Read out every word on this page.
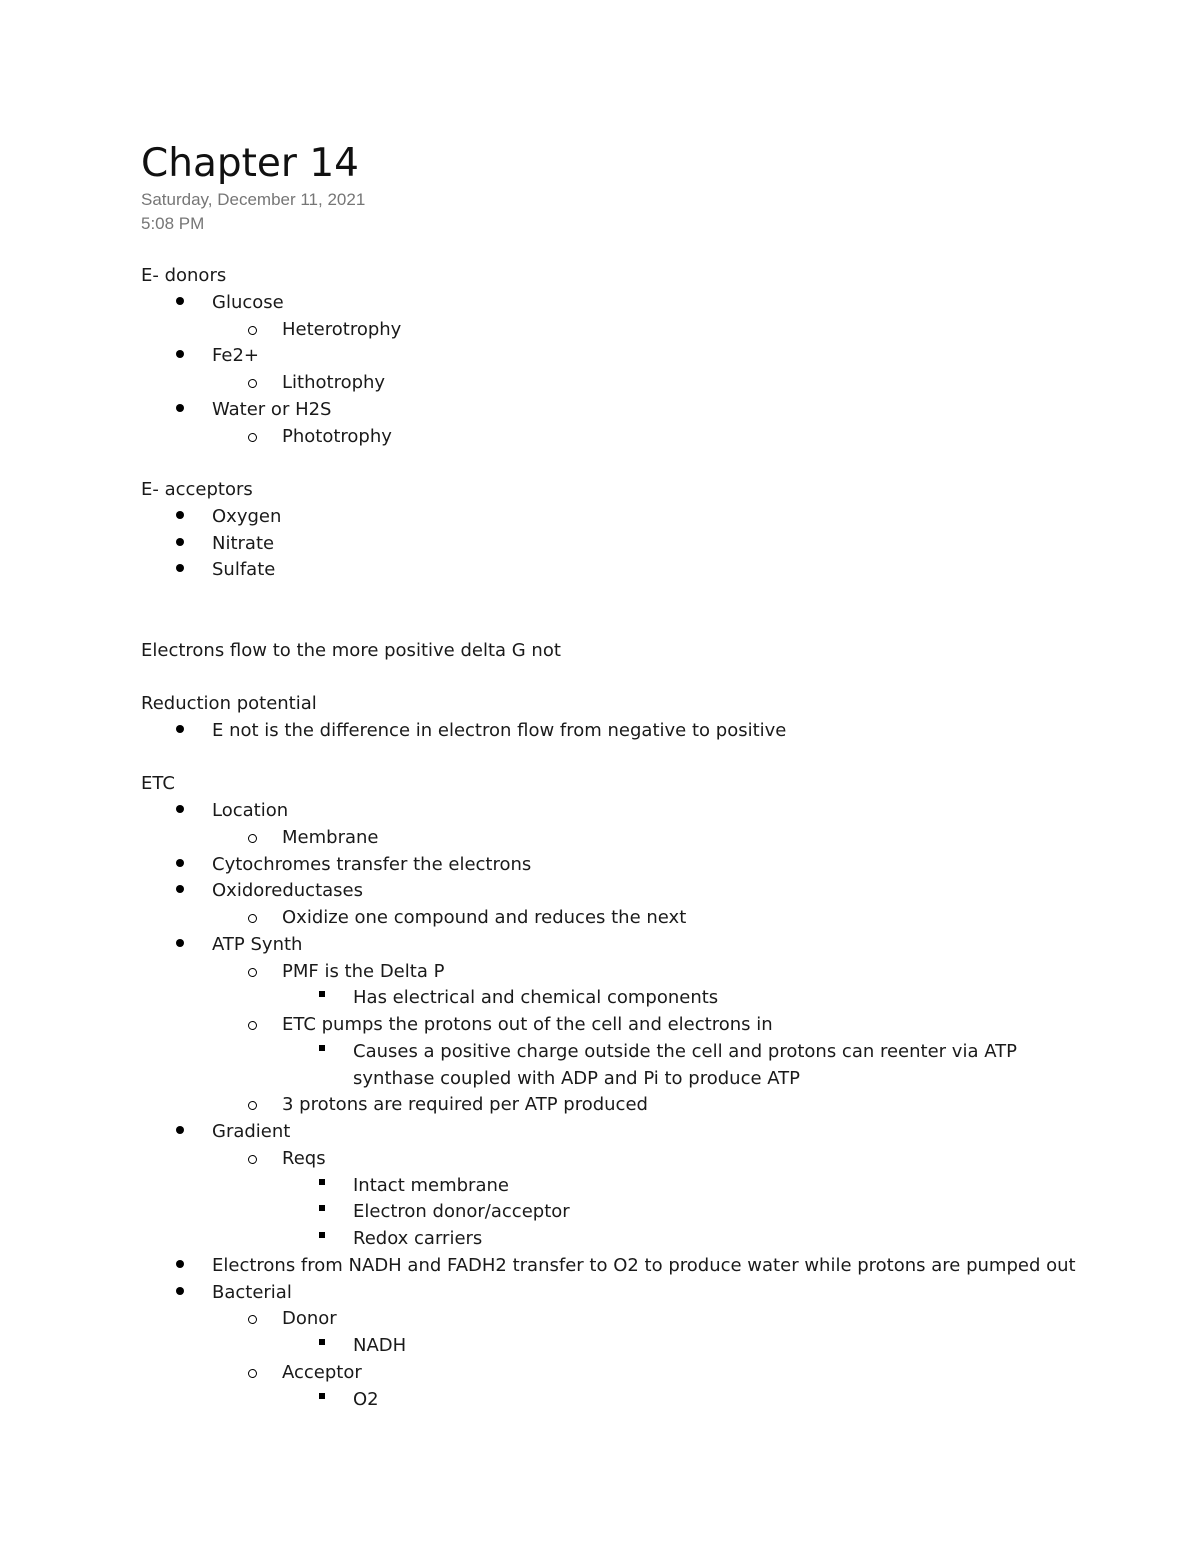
Chapter 14
Saturday, December 11, 2021
5:08 PM
E- donors
Glucose
Heterotrophy
Fe2+
Lithotrophy
Water or H2S
Phototrophy
E- acceptors
Oxygen
Nitrate
Sulfate
Electrons flow to the more positive delta G not
Reduction potential
E not is the difference in electron flow from negative to positive
ETC
Location
Membrane
Cytochromes transfer the electrons
Oxidoreductases
Oxidize one compound and reduces the next
ATP Synth
PMF is the Delta P
Has electrical and chemical components
ETC pumps the protons out of the cell and electrons in
Causes a positive charge outside the cell and protons can reenter via ATP
synthase coupled with ADP and Pi to produce ATP
3 protons are required per ATP produced
Gradient
Reqs
Intact membrane
Electron donor/acceptor
Redox carriers
Electrons from NADH and FADH2 transfer to O2 to produce water while protons are pumped out
Bacterial
Donor
NADH
Acceptor
O2
